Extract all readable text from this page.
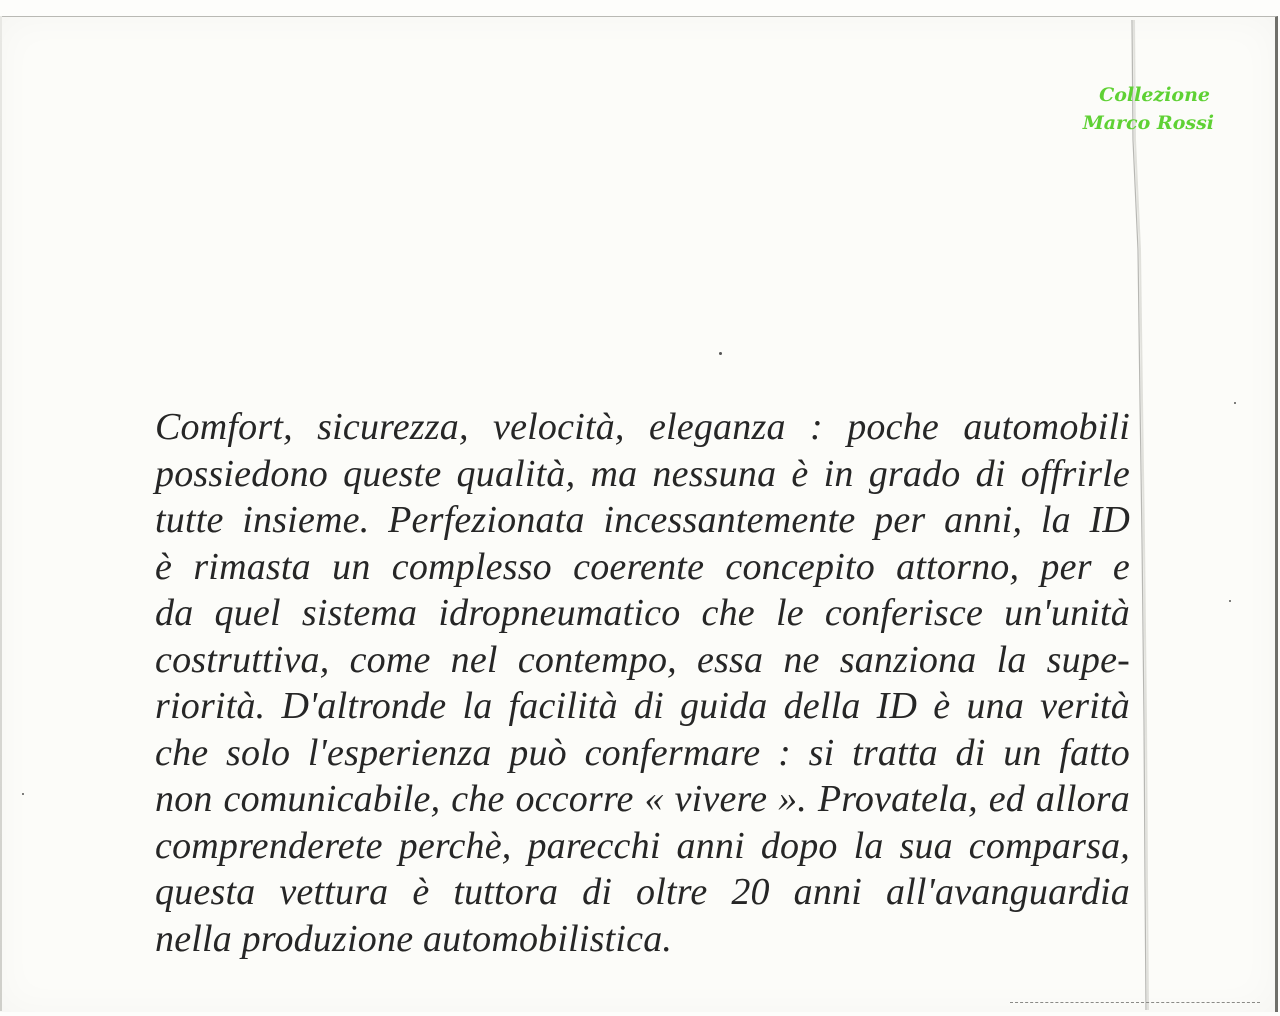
Collezione
Marco Rossi
Comfort, sicurezza, velocità, eleganza : poche automobili
possiedono queste qualità, ma nessuna è in grado di offrirle
tutte insieme. Perfezionata incessantemente per anni, la ID
è rimasta un complesso coerente concepito attorno, per e
da quel sistema idropneumatico che le conferisce un'unità
costruttiva, come nel contempo, essa ne sanziona la supe-
riorità. D'altronde la facilità di guida della ID è una verità
che solo l'esperienza può confermare : si tratta di un fatto
non comunicabile, che occorre « vivere ». Provatela, ed allora
comprenderete perchè, parecchi anni dopo la sua comparsa,
questa vettura è tuttora di oltre 20 anni all'avanguardia
nella produzione automobilistica.
